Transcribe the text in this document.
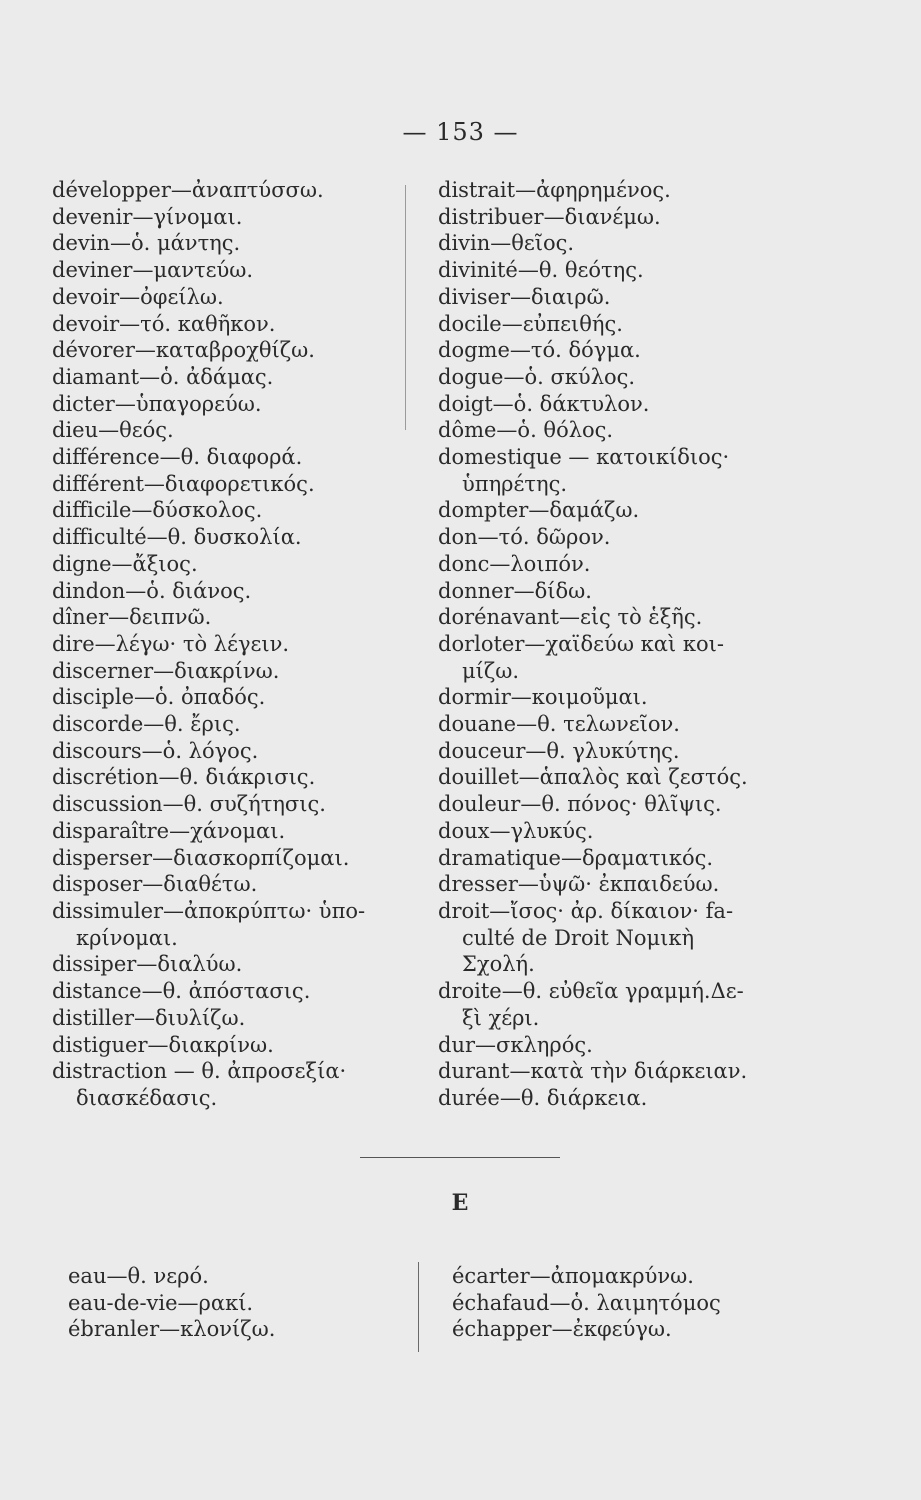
— 153 —
développer—ἀναπτύσσω.
devenir—γίνομαι.
devin—ὁ. μάντης.
deviner—μαντεύω.
devoir—ὀφείλω.
devoir—τό. καθῆκον.
dévorer—καταβροχθίζω.
diamant—ὁ. ἀδάμας.
dicter—ὑπαγορεύω.
dieu—θεός.
différence—θ. διαφορά.
différent—διαφορετικός.
difficile—δύσκολος.
difficulté—θ. δυσκολία.
digne—ἄξιος.
dindon—ὁ. διάνος.
dîner—δειπνῶ.
dire—λέγω· τὸ λέγειν.
discerner—διακρίνω.
disciple—ὁ. ὀπαδός.
discorde—θ. ἔρις.
discours—ὁ. λόγος.
discrétion—θ. διάκρισις.
discussion—θ. συζήτησις.
disparaître—χάνομαι.
disperser—διασκορπίζομαι.
disposer—διαθέτω.
dissimuler—ἀποκρύπτω· ὑπο-
κρίνομαι.
dissiper—διαλύω.
distance—θ. ἀπόστασις.
distiller—διυλίζω.
distiguer—διακρίνω.
distraction — θ. ἀπροσεξία·
διασκέδασις.
distrait—ἀφηρημένος.
distribuer—διανέμω.
divin—θεῖος.
divinité—θ. θεότης.
diviser—διαιρῶ.
docile—εὐπειθής.
dogme—τό. δόγμα.
dogue—ὁ. σκύλος.
doigt—ὁ. δάκτυλον.
dôme—ὁ. θόλος.
domestique — κατοικίδιος·
ὑπηρέτης.
dompter—δαμάζω.
don—τό. δῶρον.
donc—λοιπόν.
donner—δίδω.
dorénavant—εἰς τὸ ἑξῆς.
dorloter—χαϊδεύω καὶ κοι-
μίζω.
dormir—κοιμοῦμαι.
douane—θ. τελωνεῖον.
douceur—θ. γλυκύτης.
douillet—ἁπαλὸς καὶ ζεστός.
douleur—θ. πόνος· θλῖψις.
doux—γλυκύς.
dramatique—δραματικός.
dresser—ὑψῶ· ἐκπαιδεύω.
droit—ἴσος· ἀρ. δίκαιον· fa-
culté de Droit Νομικὴ
Σχολή.
droite—θ. εὐθεῖα γραμμή.Δε-
ξὶ χέρι.
dur—σκληρός.
durant—κατὰ τὴν διάρκειαν.
durée—θ. διάρκεια.
E
eau—θ. νερό.
eau-de-vie—ρακί.
ébranler—κλονίζω.
écarter—ἀπομακρύνω.
échafaud—ὁ. λαιμητόμος
échapper—ἐκφεύγω.
